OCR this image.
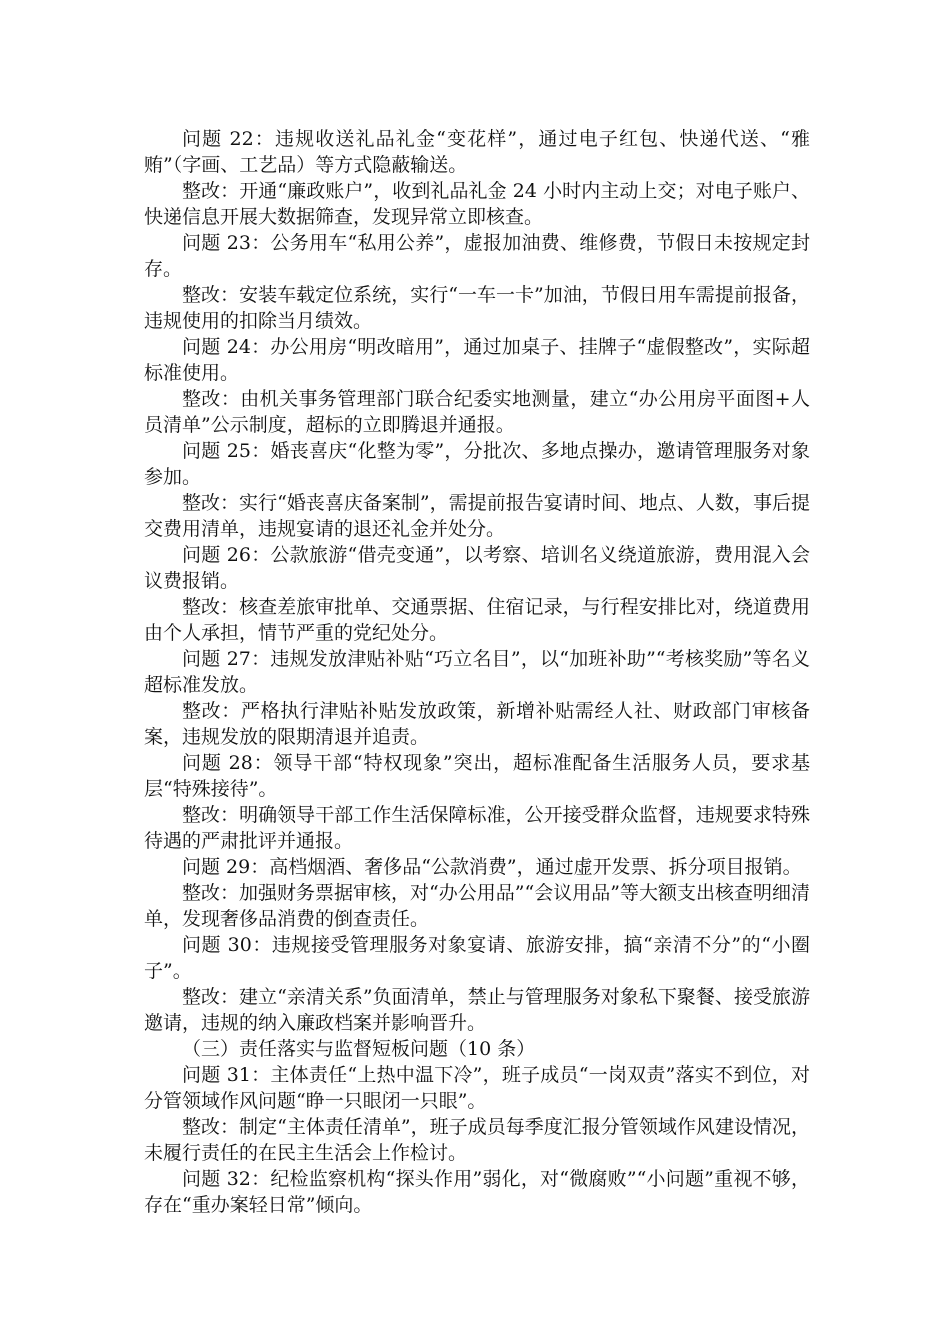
问题 22：违规收送礼品礼金“变花样”，通过电子红包、快递代送、“雅贿”（字画、工艺品）等方式隐蔽输送。

整改：开通“廉政账户”，收到礼品礼金 24 小时内主动上交；对电子账户、快递信息开展大数据筛查，发现异常立即核查。

问题 23：公务用车“私用公养”，虚报加油费、维修费，节假日未按规定封存。

整改：安装车载定位系统，实行“一车一卡”加油，节假日用车需提前报备，违规使用的扣除当月绩效。

问题 24：办公用房“明改暗用”，通过加桌子、挂牌子“虚假整改”，实际超标准使用。

整改：由机关事务管理部门联合纪委实地测量，建立“办公用房平面图+人员清单”公示制度，超标的立即腾退并通报。

问题 25：婚丧喜庆“化整为零”，分批次、多地点操办，邀请管理服务对象参加。

整改：实行“婚丧喜庆备案制”，需提前报告宴请时间、地点、人数，事后提交费用清单，违规宴请的退还礼金并处分。

问题 26：公款旅游“借壳变通”，以考察、培训名义绕道旅游，费用混入会议费报销。

整改：核查差旅审批单、交通票据、住宿记录，与行程安排比对，绕道费用由个人承担，情节严重的党纪处分。

问题 27：违规发放津贴补贴“巧立名目”，以“加班补助”“考核奖励”等名义超标准发放。

整改：严格执行津贴补贴发放政策，新增补贴需经人社、财政部门审核备案，违规发放的限期清退并追责。

问题 28：领导干部“特权现象”突出，超标准配备生活服务人员，要求基层“特殊接待”。

整改：明确领导干部工作生活保障标准，公开接受群众监督，违规要求特殊待遇的严肃批评并通报。

问题 29：高档烟酒、奢侈品“公款消费”，通过虚开发票、拆分项目报销。

整改：加强财务票据审核，对“办公用品”“会议用品”等大额支出核查明细清单，发现奢侈品消费的倒查责任。

问题 30：违规接受管理服务对象宴请、旅游安排，搞“亲清不分”的“小圈子”。

整改：建立“亲清关系”负面清单，禁止与管理服务对象私下聚餐、接受旅游邀请，违规的纳入廉政档案并影响晋升。

（三）责任落实与监督短板问题（10 条）

问题 31：主体责任“上热中温下冷”，班子成员“一岗双责”落实不到位，对分管领域作风问题“睁一只眼闭一只眼”。

整改：制定“主体责任清单”，班子成员每季度汇报分管领域作风建设情况，未履行责任的在民主生活会上作检讨。

问题 32：纪检监察机构“探头作用”弱化，对“微腐败”“小问题”重视不够，存在“重办案轻日常”倾向。
